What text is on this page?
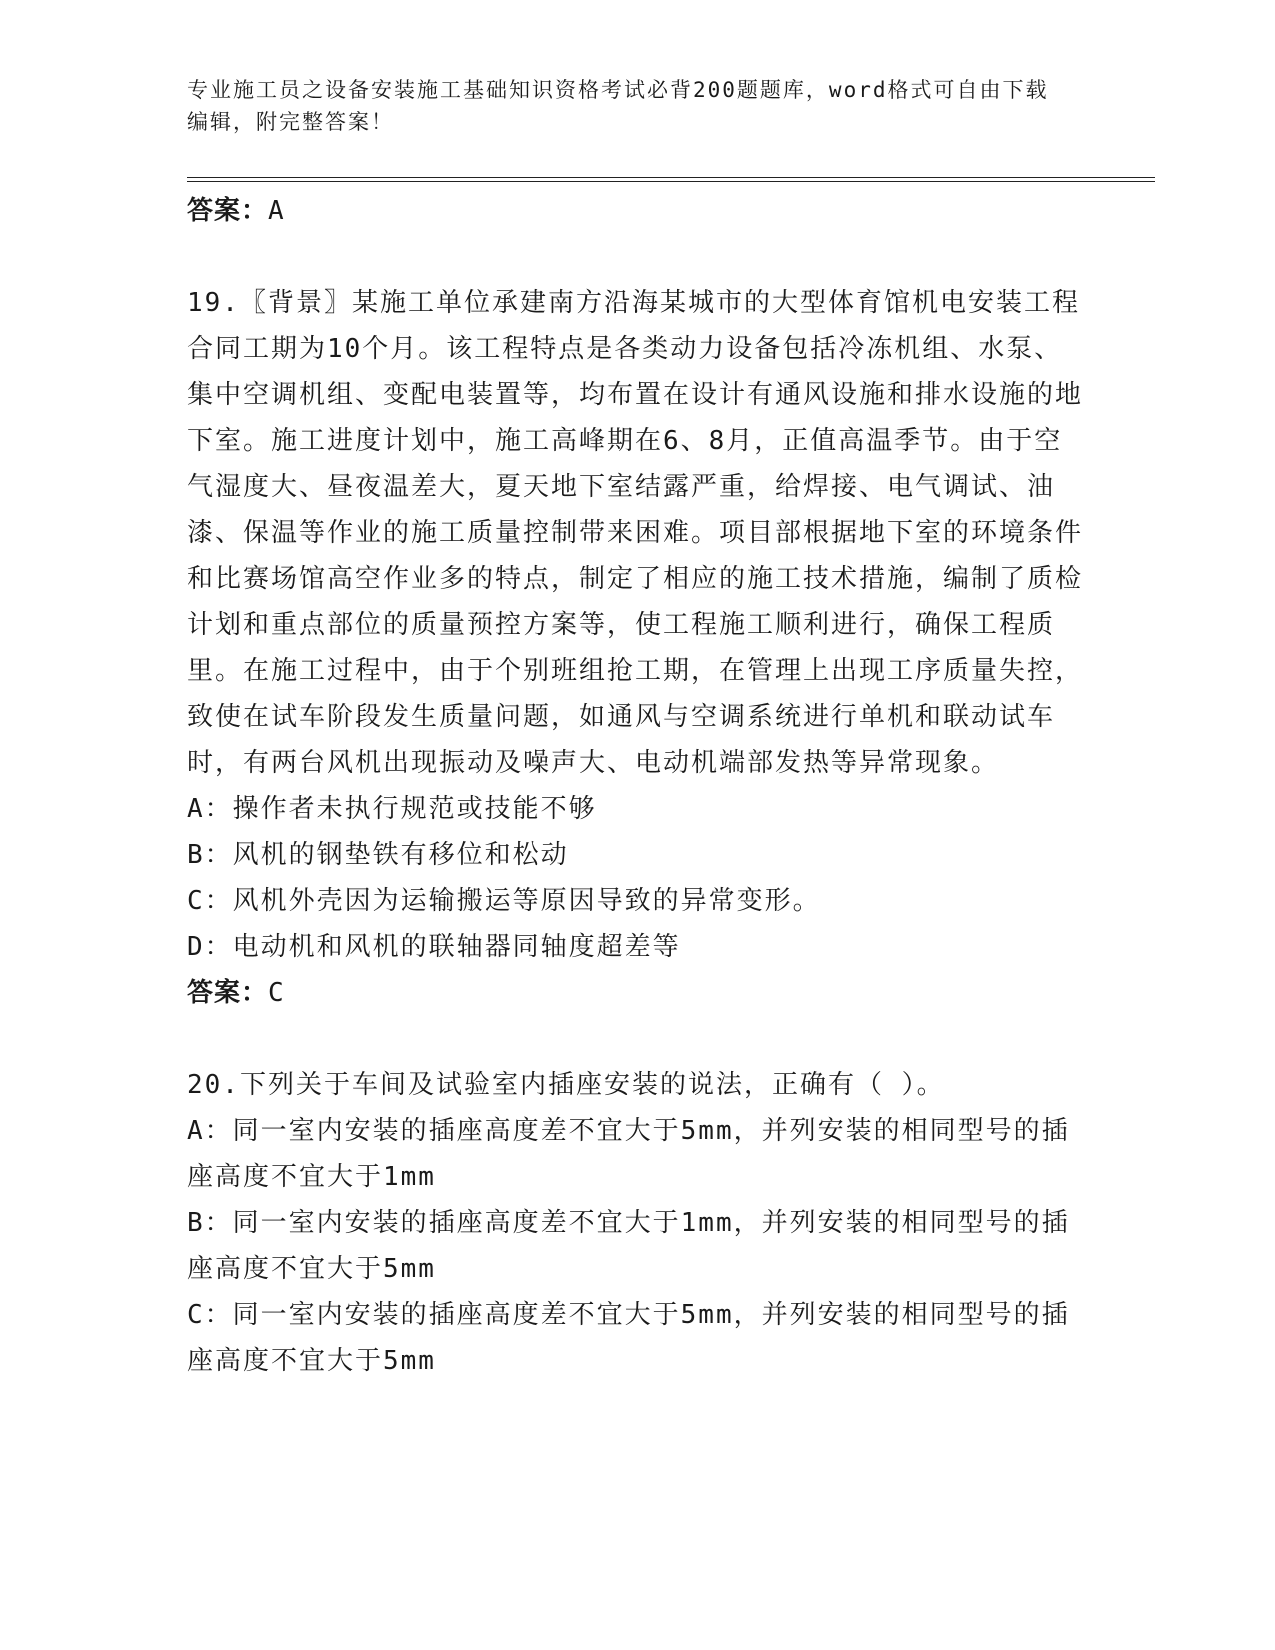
专业施工员之设备安装施工基础知识资格考试必背200题题库，word格式可自由下载编辑，附完整答案！

答案：A

19.〖背景〗某施工单位承建南方沿海某城市的大型体育馆机电安装工程合同工期为10个月。该工程特点是各类动力设备包括冷冻机组、水泵、集中空调机组、变配电装置等，均布置在设计有通风设施和排水设施的地下室。施工进度计划中，施工高峰期在6、8月，正值高温季节。由于空气湿度大、昼夜温差大，夏天地下室结露严重，给焊接、电气调试、油漆、保温等作业的施工质量控制带来困难。项目部根据地下室的环境条件和比赛场馆高空作业多的特点，制定了相应的施工技术措施，编制了质检计划和重点部位的质量预控方案等，使工程施工顺利进行，确保工程质里。在施工过程中，由于个别班组抢工期，在管理上出现工序质量失控，致使在试车阶段发生质量问题，如通风与空调系统进行单机和联动试车时，有两台风机出现振动及噪声大、电动机端部发热等异常现象。

A：操作者未执行规范或技能不够

B：风机的钢垫铁有移位和松动

C：风机外壳因为运输搬运等原因导致的异常变形。

D：电动机和风机的联轴器同轴度超差等

答案：C

20.下列关于车间及试验室内插座安装的说法，正确有（ ）。

A：同一室内安装的插座高度差不宜大于5mm，并列安装的相同型号的插座高度不宜大于1mm

B：同一室内安装的插座高度差不宜大于1mm，并列安装的相同型号的插座高度不宜大于5mm

C：同一室内安装的插座高度差不宜大于5mm，并列安装的相同型号的插座高度不宜大于5mm
